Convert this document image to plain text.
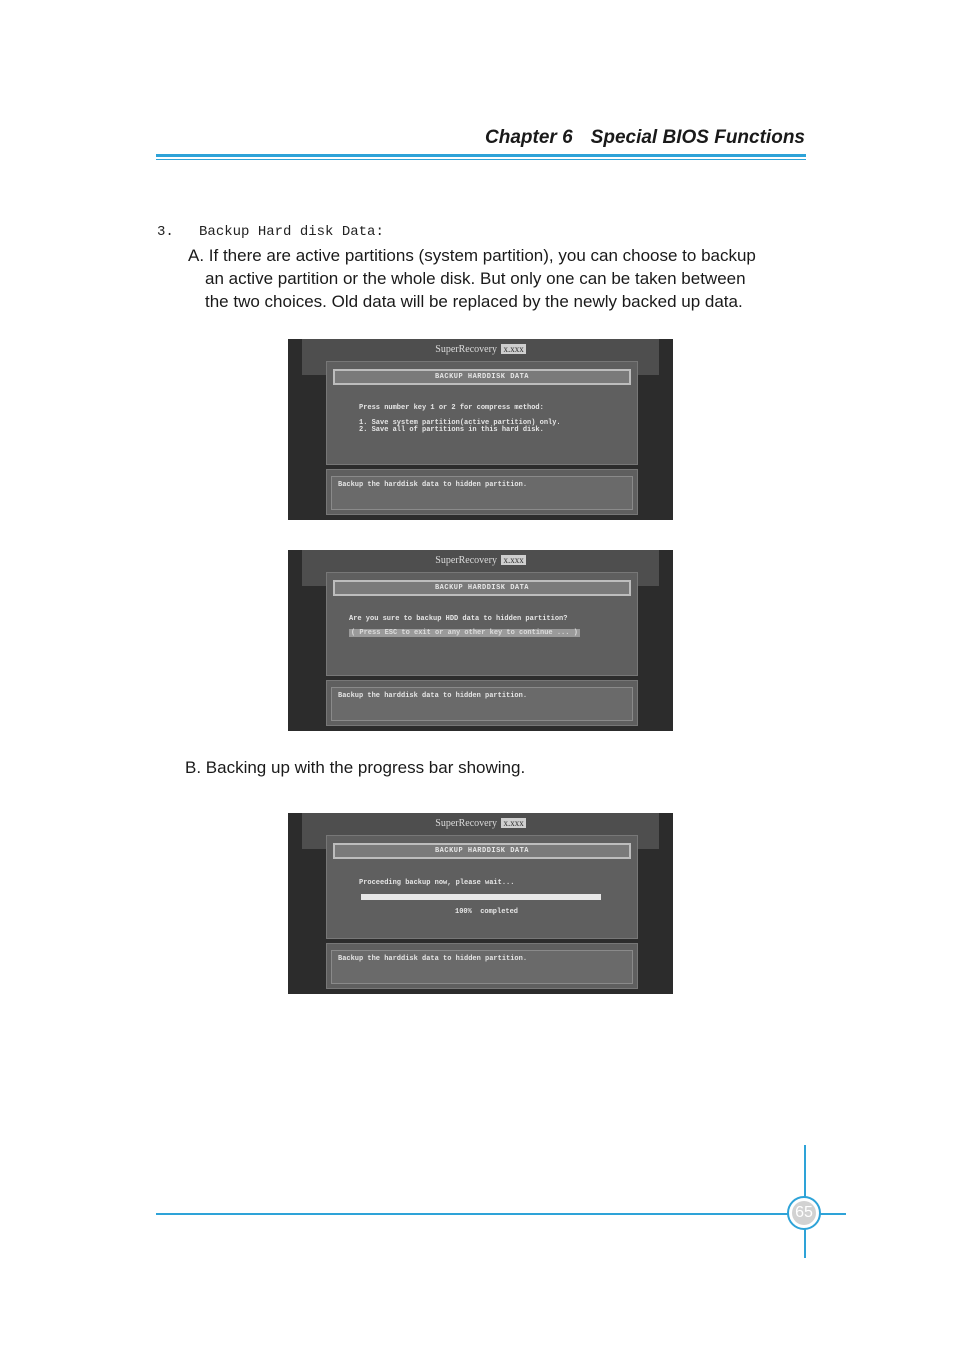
Chapter 6 Special BIOS Functions
3. Backup Hard disk Data:
A. If there are active partitions (system partition), you can choose to backup
an active partition or the whole disk. But only one can be taken between
the two choices. Old data will be replaced by the newly backed up data.
SuperRecovery x.xxx
BACKUP HARDDISK DATA
Press number key 1 or 2 for compress method:
1. Save system partition(active partition) only.
2. Save all of partitions in this hard disk.
Backup the harddisk data to hidden partition.
SuperRecovery x.xxx
BACKUP HARDDISK DATA
Are you sure to backup HDD data to hidden partition?
( Press ESC to exit or any other key to continue ... )
Backup the harddisk data to hidden partition.
B. Backing up with the progress bar showing.
SuperRecovery x.xxx
BACKUP HARDDISK DATA
Proceeding backup now, please wait...
100%  completed
Backup the harddisk data to hidden partition.
65
